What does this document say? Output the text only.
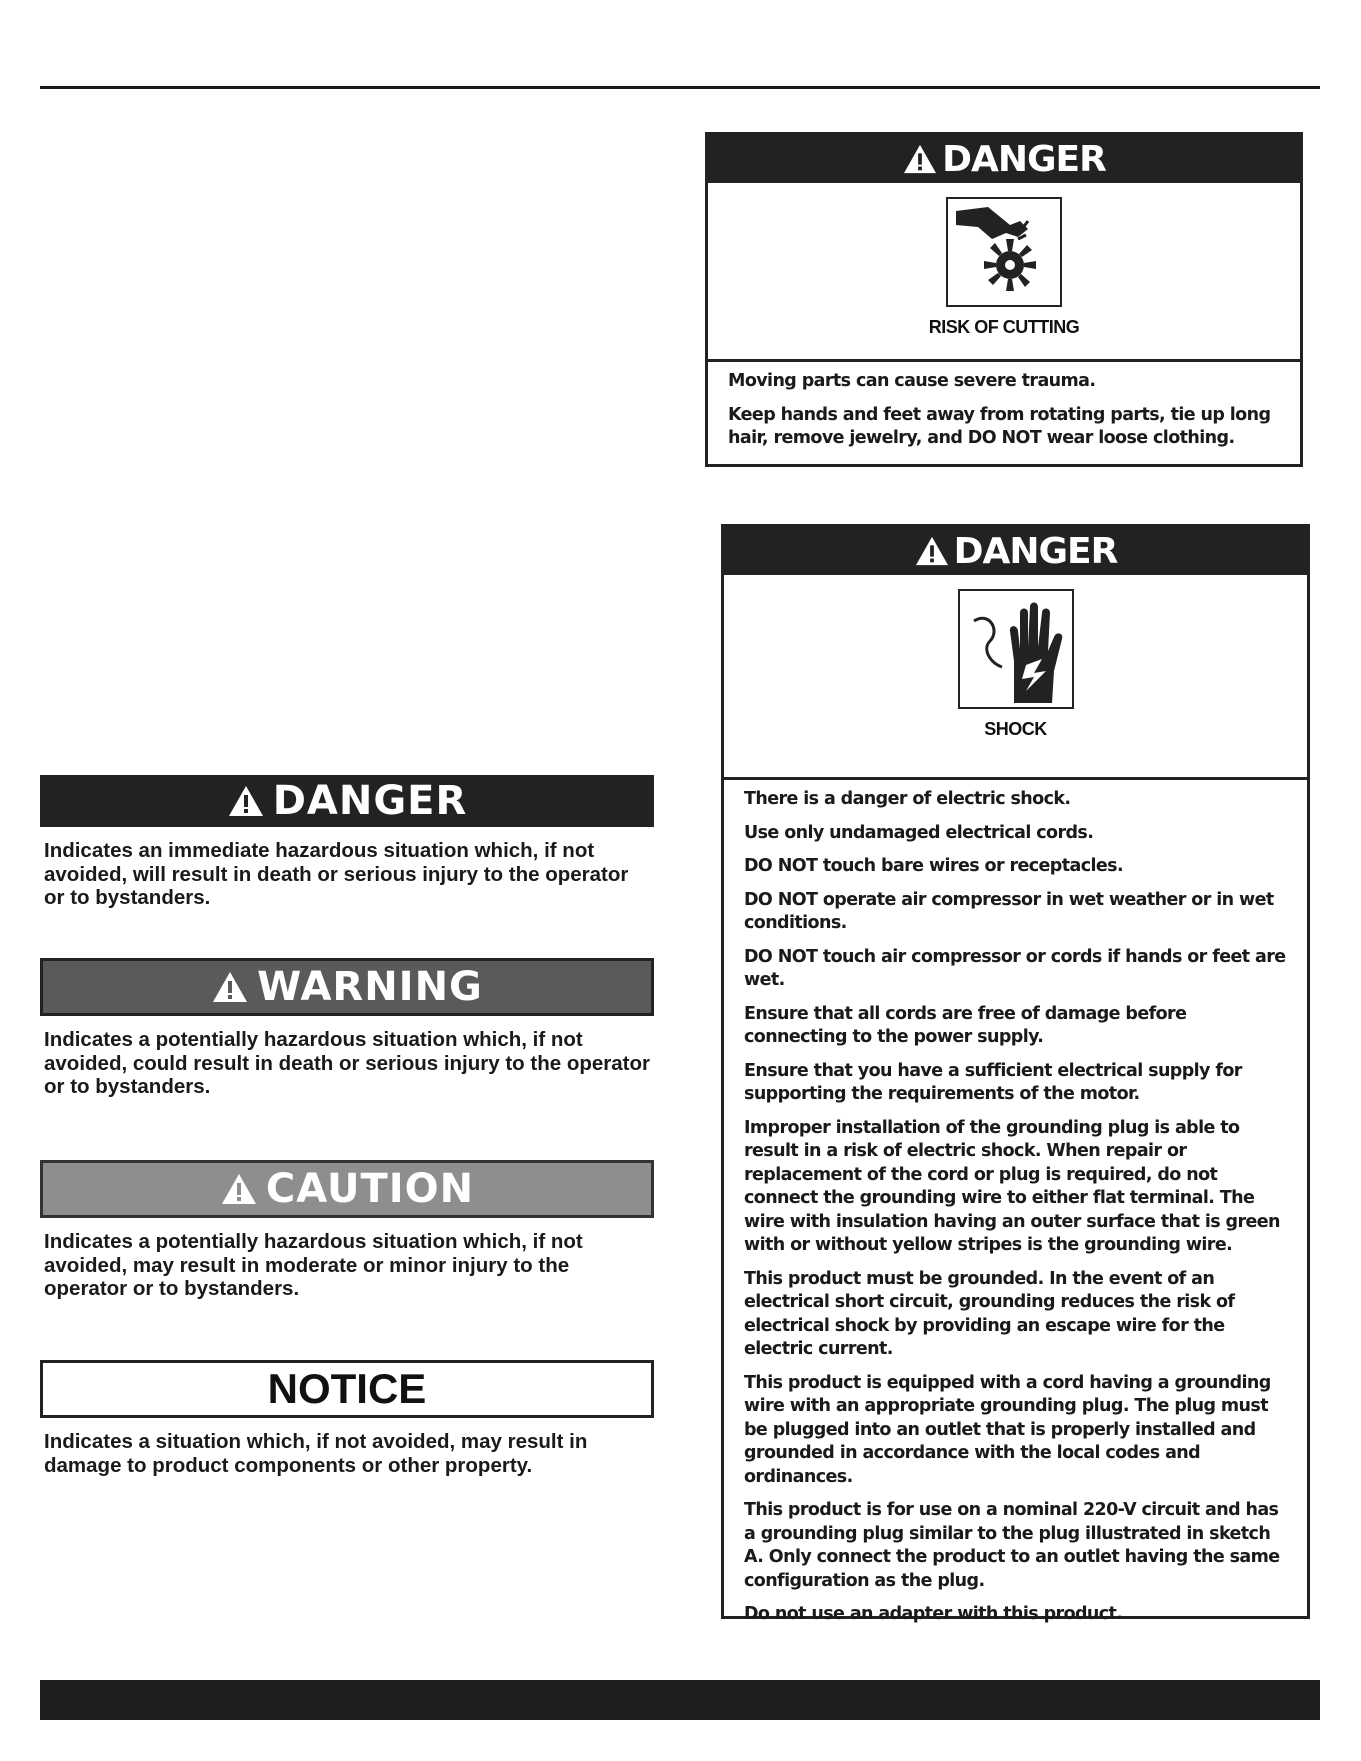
DANGER
Indicates an immediate hazardous situation which, if not avoided, will result in death or serious injury to the operator or to bystanders.
WARNING
Indicates a potentially hazardous situation which, if not avoided, could result in death or serious injury to the operator or to bystanders.
CAUTION
Indicates a potentially hazardous situation which, if not avoided, may result in moderate or minor injury to the operator or to bystanders.
NOTICE
Indicates a situation which, if not avoided, may result in damage to product components or other property.
DANGER
RISK OF CUTTING

Moving parts can cause severe trauma.

Keep hands and feet away from rotating parts, tie up long hair, remove jewelry, and DO NOT wear loose clothing.

DANGER
SHOCK

There is a danger of electric shock.

Use only undamaged electrical cords.

DO NOT touch bare wires or receptacles.

DO NOT operate air compressor in wet weather or in wet conditions.

DO NOT touch air compressor or cords if hands or feet are wet.

Ensure that all cords are free of damage before connecting to the power supply.

Ensure that you have a sufficient electrical supply for supporting the requirements of the motor.

Improper installation of the grounding plug is able to result in a risk of electric shock. When repair or replacement of the cord or plug is required, do not connect the grounding wire to either flat terminal. The wire with insulation having an outer surface that is green with or without yellow stripes is the grounding wire.

This product must be grounded. In the event of an electrical short circuit, grounding reduces the risk of electrical shock by providing an escape wire for the electric current.

This product is equipped with a cord having a grounding wire with an appropriate grounding plug. The plug must be plugged into an outlet that is properly installed and grounded in accordance with the local codes and ordinances.

This product is for use on a nominal 220-V circuit and has a grounding plug similar to the plug illustrated in sketch A. Only connect the product to an outlet having the same configuration as the plug.

Do not use an adapter with this product.
